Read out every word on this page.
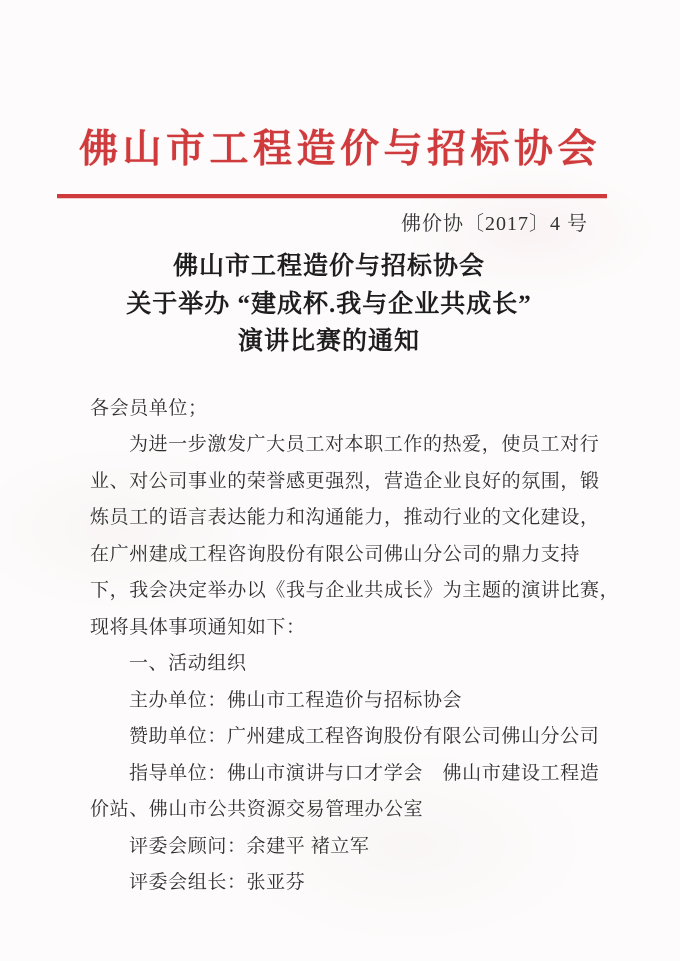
佛山市工程造价与招标协会
佛价协〔2017〕4 号
佛山市工程造价与招标协会
关于举办 “建成杯.我与企业共成长”
演讲比赛的通知
各会员单位；
为进一步激发广大员工对本职工作的热爱，使员工对行
业、对公司事业的荣誉感更强烈，营造企业良好的氛围，锻
炼员工的语言表达能力和沟通能力，推动行业的文化建设，
在广州建成工程咨询股份有限公司佛山分公司的鼎力支持
下，我会决定举办以《我与企业共成长》为主题的演讲比赛，
现将具体事项通知如下：
一、活动组织
主办单位：佛山市工程造价与招标协会
赞助单位：广州建成工程咨询股份有限公司佛山分公司
指导单位：佛山市演讲与口才学会　佛山市建设工程造
价站、佛山市公共资源交易管理办公室
评委会顾问：余建平 褚立军
评委会组长：张亚芬
